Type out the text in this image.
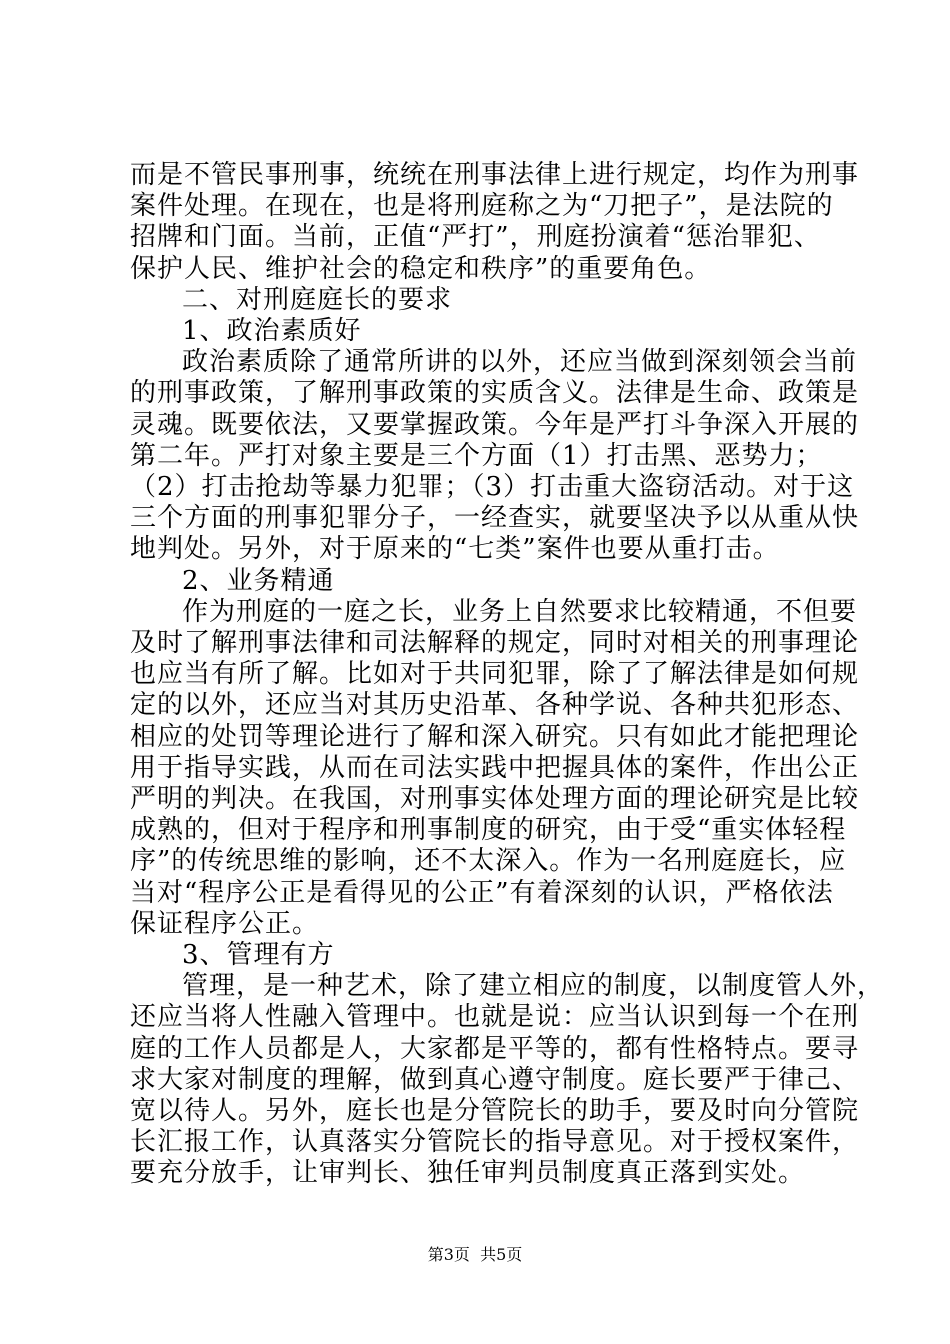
而是不管民事刑事，统统在刑事法律上进行规定，均作为刑事
案件处理。在现在，也是将刑庭称之为“刀把子”，是法院的
招牌和门面。当前，正值“严打”，刑庭扮演着“惩治罪犯、
保护人民、维护社会的稳定和秩序”的重要角色。
二、对刑庭庭长的要求
1、政治素质好
政治素质除了通常所讲的以外，还应当做到深刻领会当前
的刑事政策，了解刑事政策的实质含义。法律是生命、政策是
灵魂。既要依法，又要掌握政策。今年是严打斗争深入开展的
第二年。严打对象主要是三个方面（1）打击黑、恶势力；
（2）打击抢劫等暴力犯罪；（3）打击重大盗窃活动。对于这
三个方面的刑事犯罪分子，一经查实，就要坚决予以从重从快
地判处。另外，对于原来的“七类”案件也要从重打击。
2、业务精通
作为刑庭的一庭之长，业务上自然要求比较精通，不但要
及时了解刑事法律和司法解释的规定，同时对相关的刑事理论
也应当有所了解。比如对于共同犯罪，除了了解法律是如何规
定的以外，还应当对其历史沿革、各种学说、各种共犯形态、
相应的处罚等理论进行了解和深入研究。只有如此才能把理论
用于指导实践，从而在司法实践中把握具体的案件，作出公正
严明的判决。在我国，对刑事实体处理方面的理论研究是比较
成熟的，但对于程序和刑事制度的研究，由于受“重实体轻程
序”的传统思维的影响，还不太深入。作为一名刑庭庭长，应
当对“程序公正是看得见的公正”有着深刻的认识，严格依法
保证程序公正。
3、管理有方
管理，是一种艺术，除了建立相应的制度，以制度管人外，
还应当将人性融入管理中。也就是说：应当认识到每一个在刑
庭的工作人员都是人，大家都是平等的，都有性格特点。要寻
求大家对制度的理解，做到真心遵守制度。庭长要严于律己、
宽以待人。另外，庭长也是分管院长的助手，要及时向分管院
长汇报工作，认真落实分管院长的指导意见。对于授权案件，
要充分放手，让审判长、独任审判员制度真正落到实处。
第3页  共5页
